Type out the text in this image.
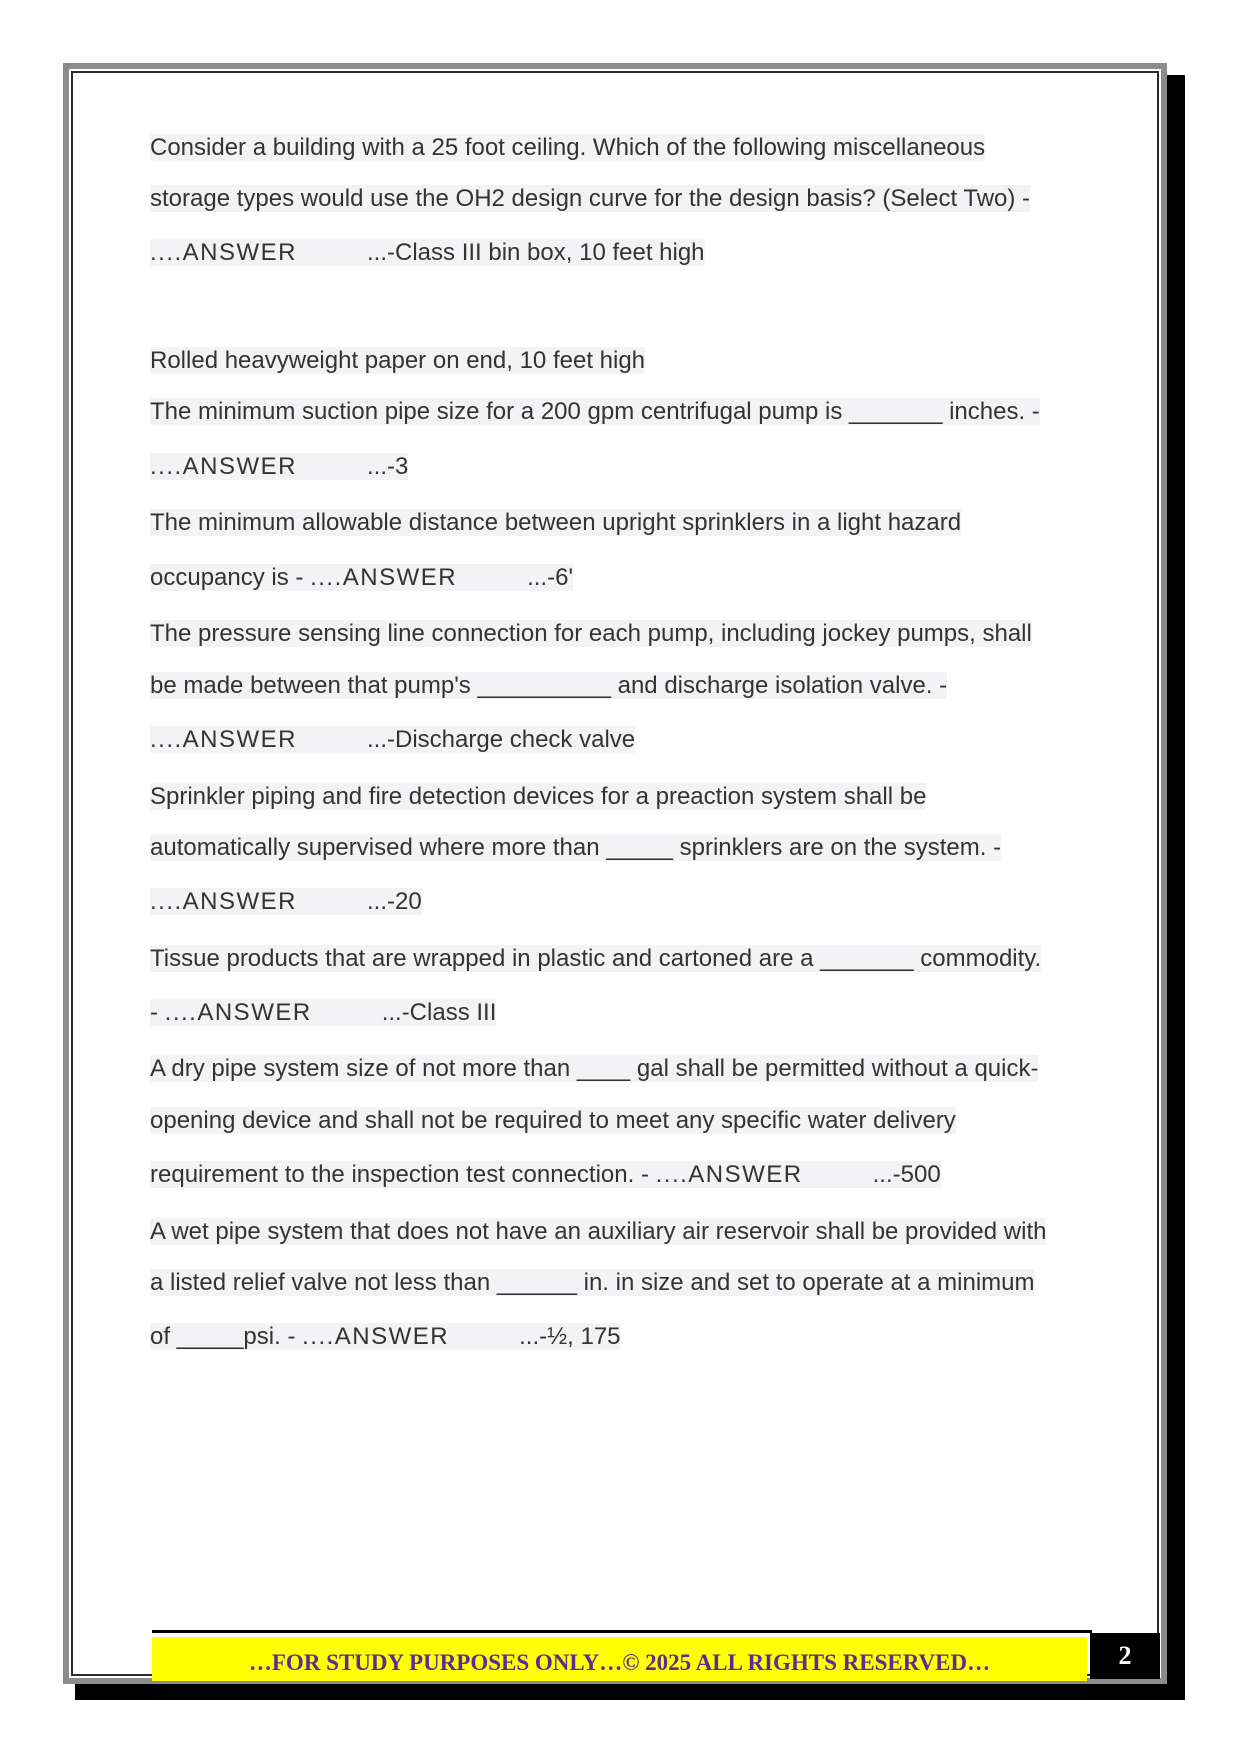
Consider a building with a 25 foot ceiling. Which of the following miscellaneous
storage types would use the OH2 design curve for the design basis? (Select Two) -
....ANSWER	...-Class III bin box, 10 feet high
Rolled heavyweight paper on end, 10 feet high
The minimum suction pipe size for a 200 gpm centrifugal pump is _______ inches. -
....ANSWER	...-3
The minimum allowable distance between upright sprinklers in a light hazard
occupancy is - ....ANSWER	...-6'
The pressure sensing line connection for each pump, including jockey pumps, shall
be made between that pump's __________ and discharge isolation valve. -
....ANSWER	...-Discharge check valve
Sprinkler piping and fire detection devices for a preaction system shall be
automatically supervised where more than _____ sprinklers are on the system. -
....ANSWER	...-20
Tissue products that are wrapped in plastic and cartoned are a _______ commodity.
- ....ANSWER	...-Class III
A dry pipe system size of not more than ____ gal shall be permitted without a quick-
opening device and shall not be required to meet any specific water delivery
requirement to the inspection test connection. - ....ANSWER	...-500
A wet pipe system that does not have an auxiliary air reservoir shall be provided with
a listed relief valve not less than ______ in. in size and set to operate at a minimum
of _____psi. - ....ANSWER	...-½, 175
…FOR STUDY PURPOSES ONLY…© 2025 ALL RIGHTS RESERVED…	2
